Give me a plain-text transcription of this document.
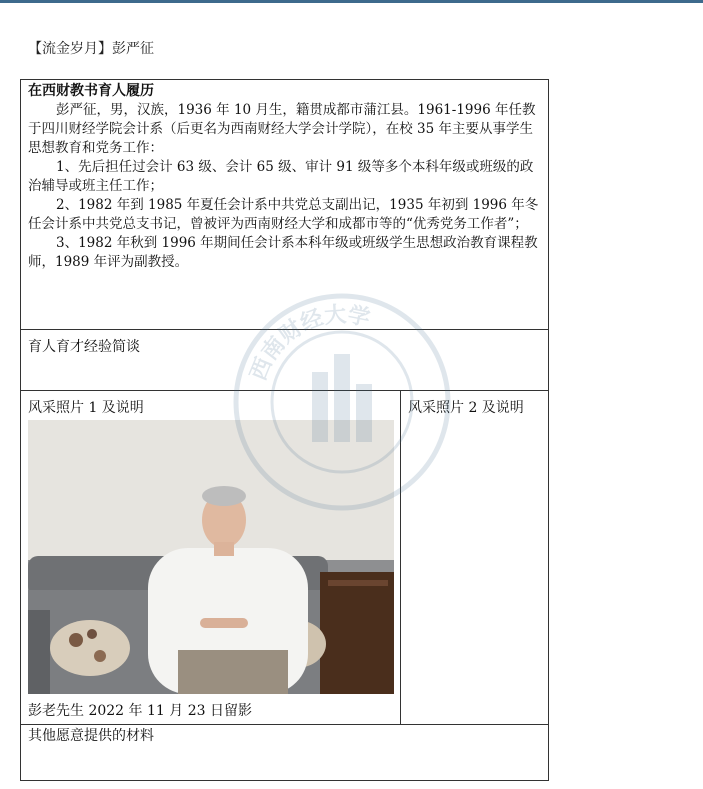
【流金岁月】彭严征
在西财教书育人履历

彭严征，男，汉族，1936 年 10 月生，籍贯成都市蒲江县。1961-1996 年任教于四川财经学院会计系（后更名为西南财经大学会计学院），在校 35 年主要从事学生思想教育和党务工作：

1、先后担任过会计 63 级、会计 65 级、审计 91 级等多个本科年级或班级的政治辅导或班主任工作；

2、1982 年到 1985 年夏任会计系中共党总支副出记，1935 年初到 1996 年冬任会计系中共党总支书记，曾被评为西南财经大学和成都市等的“优秀党务工作者”；

3、1982 年秋到 1996 年期间任会计系本科年级或班级学生思想政治教育课程教师，1989 年评为副教授。

育人育才经验简谈
风采照片 1 及说明
彭老先生 2022 年 11 月 23 日留影
风采照片 2 及说明
其他愿意提供的材料
西南财经大学
